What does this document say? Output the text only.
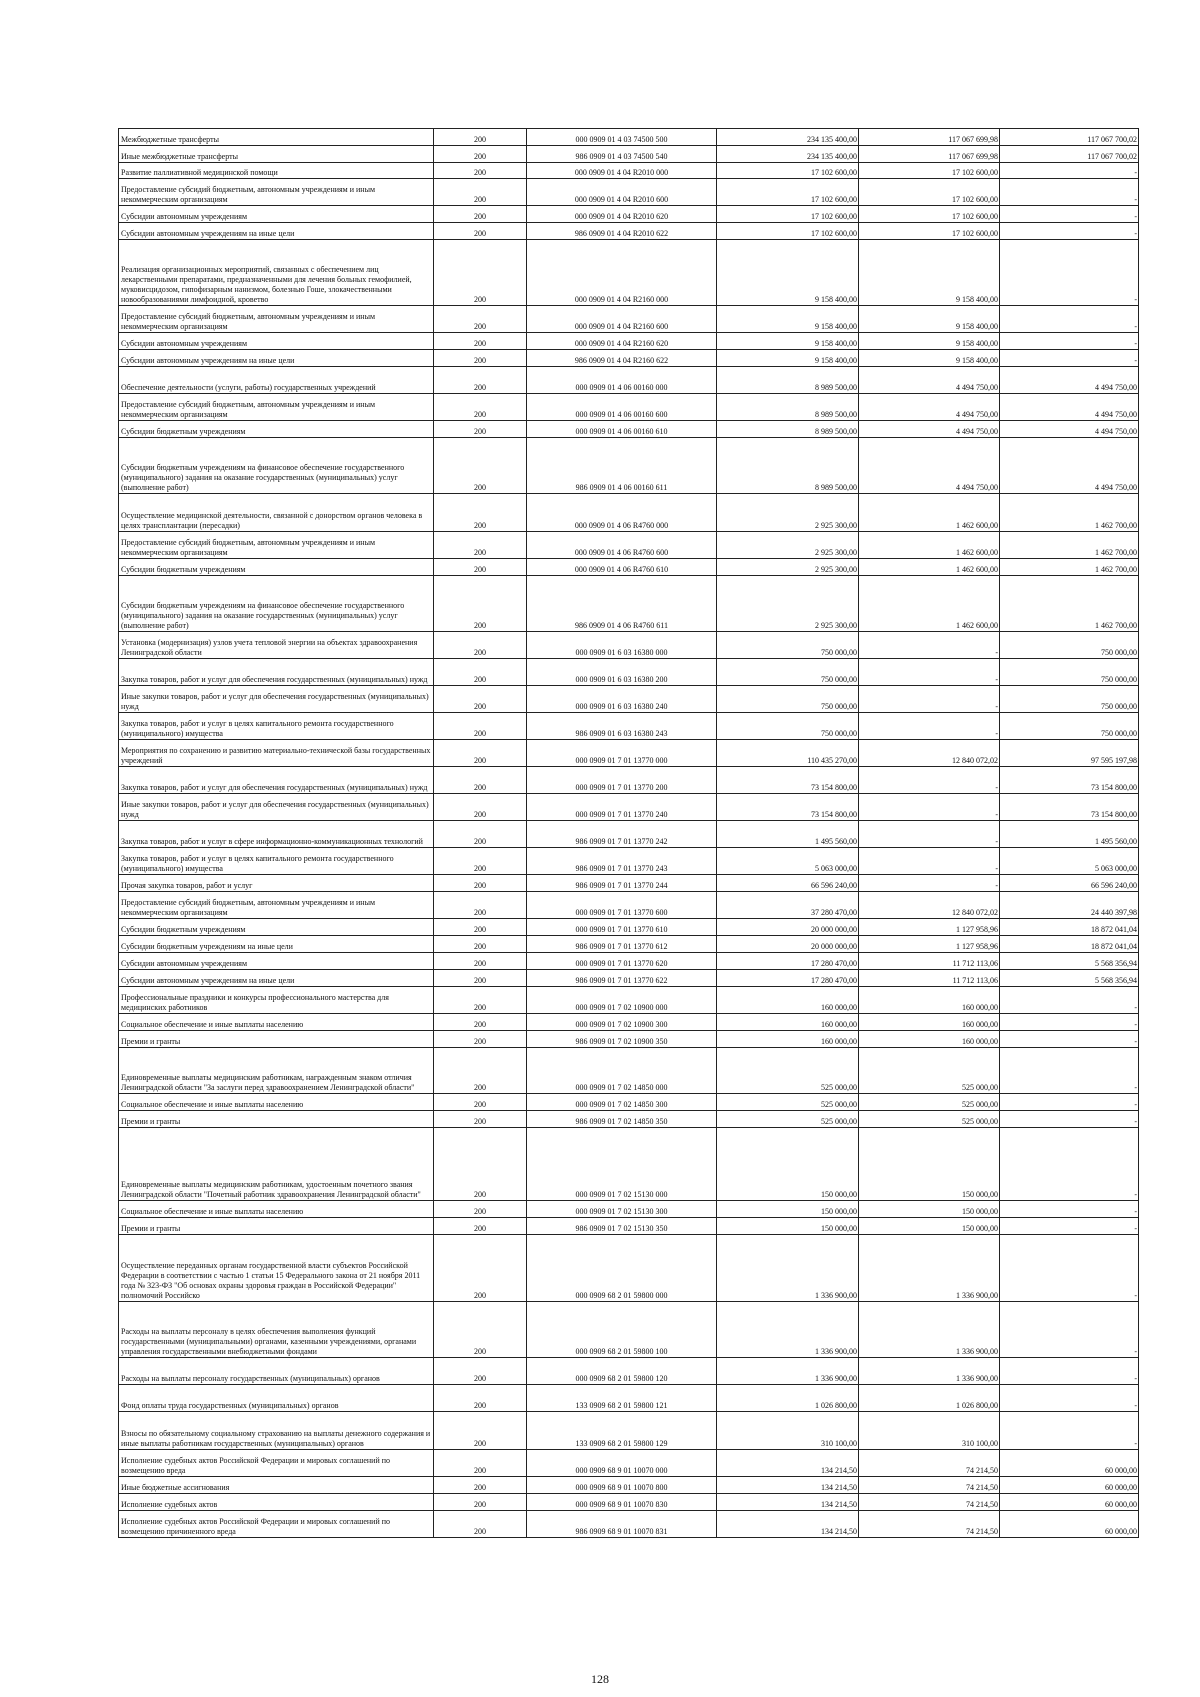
Межбюджетные трансферты	200	000 0909 01 4 03 74500 500	234 135 400,00	117 067 699,98	117 067 700,02
Иные межбюджетные трансферты	200	986 0909 01 4 03 74500 540	234 135 400,00	117 067 699,98	117 067 700,02
Развитие паллиативной медицинской помощи	200	000 0909 01 4 04 R2010 000	17 102 600,00	17 102 600,00	-
Предоставление субсидий бюджетным, автономным учреждениям и иным некоммерческим организациям	200	000 0909 01 4 04 R2010 600	17 102 600,00	17 102 600,00	-
Субсидии автономным учреждениям	200	000 0909 01 4 04 R2010 620	17 102 600,00	17 102 600,00	-
Субсидии автономным учреждениям на иные цели	200	986 0909 01 4 04 R2010 622	17 102 600,00	17 102 600,00	-
Реализация организационных мероприятий, связанных с обеспечением лиц лекарственными препаратами, предназначенными для лечения больных гемофилией, муковисцидозом, гипофизарным нанизмом, болезнью Гоше, злокачественными новообразованиями лимфоидной, кроветво	200	000 0909 01 4 04 R2160 000	9 158 400,00	9 158 400,00	-
Предоставление субсидий бюджетным, автономным учреждениям и иным некоммерческим организациям	200	000 0909 01 4 04 R2160 600	9 158 400,00	9 158 400,00	-
Субсидии автономным учреждениям	200	000 0909 01 4 04 R2160 620	9 158 400,00	9 158 400,00	-
Субсидии автономным учреждениям на иные цели	200	986 0909 01 4 04 R2160 622	9 158 400,00	9 158 400,00	-
Обеспечение деятельности (услуги, работы) государственных учреждений	200	000 0909 01 4 06 00160 000	8 989 500,00	4 494 750,00	4 494 750,00
Предоставление субсидий бюджетным, автономным учреждениям и иным некоммерческим организациям	200	000 0909 01 4 06 00160 600	8 989 500,00	4 494 750,00	4 494 750,00
Субсидии бюджетным учреждениям	200	000 0909 01 4 06 00160 610	8 989 500,00	4 494 750,00	4 494 750,00
Субсидии бюджетным учреждениям на финансовое обеспечение государственного (муниципального) задания на оказание государственных (муниципальных) услуг (выполнение работ)	200	986 0909 01 4 06 00160 611	8 989 500,00	4 494 750,00	4 494 750,00
Осуществление медицинской деятельности, связанной с донорством органов человека в целях трансплантации (пересадки)	200	000 0909 01 4 06 R4760 000	2 925 300,00	1 462 600,00	1 462 700,00
Предоставление субсидий бюджетным, автономным учреждениям и иным некоммерческим организациям	200	000 0909 01 4 06 R4760 600	2 925 300,00	1 462 600,00	1 462 700,00
Субсидии бюджетным учреждениям	200	000 0909 01 4 06 R4760 610	2 925 300,00	1 462 600,00	1 462 700,00
Субсидии бюджетным учреждениям на финансовое обеспечение государственного (муниципального) задания на оказание государственных (муниципальных) услуг (выполнение работ)	200	986 0909 01 4 06 R4760 611	2 925 300,00	1 462 600,00	1 462 700,00
Установка (модернизация) узлов учета тепловой энергии на объектах здравоохранения Ленинградской области	200	000 0909 01 6 03 16380 000	750 000,00	-	750 000,00
Закупка товаров, работ и услуг для обеспечения государственных (муниципальных) нужд	200	000 0909 01 6 03 16380 200	750 000,00	-	750 000,00
Иные закупки товаров, работ и услуг для обеспечения государственных (муниципальных) нужд	200	000 0909 01 6 03 16380 240	750 000,00	-	750 000,00
Закупка товаров, работ и услуг в целях капитального ремонта государственного (муниципального) имущества	200	986 0909 01 6 03 16380 243	750 000,00	-	750 000,00
Мероприятия по сохранению и развитию материально-технической базы государственных учреждений	200	000 0909 01 7 01 13770 000	110 435 270,00	12 840 072,02	97 595 197,98
Закупка товаров, работ и услуг для обеспечения государственных (муниципальных) нужд	200	000 0909 01 7 01 13770 200	73 154 800,00	-	73 154 800,00
Иные закупки товаров, работ и услуг для обеспечения государственных (муниципальных) нужд	200	000 0909 01 7 01 13770 240	73 154 800,00	-	73 154 800,00
Закупка товаров, работ и услуг в сфере информационно-коммуникационных технологий	200	986 0909 01 7 01 13770 242	1 495 560,00	-	1 495 560,00
Закупка товаров, работ и услуг в целях капитального ремонта государственного (муниципального) имущества	200	986 0909 01 7 01 13770 243	5 063 000,00	-	5 063 000,00
Прочая закупка товаров, работ и услуг	200	986 0909 01 7 01 13770 244	66 596 240,00	-	66 596 240,00
Предоставление субсидий бюджетным, автономным учреждениям и иным некоммерческим организациям	200	000 0909 01 7 01 13770 600	37 280 470,00	12 840 072,02	24 440 397,98
Субсидии бюджетным учреждениям	200	000 0909 01 7 01 13770 610	20 000 000,00	1 127 958,96	18 872 041,04
Субсидии бюджетным учреждениям на иные цели	200	986 0909 01 7 01 13770 612	20 000 000,00	1 127 958,96	18 872 041,04
Субсидии автономным учреждениям	200	000 0909 01 7 01 13770 620	17 280 470,00	11 712 113,06	5 568 356,94
Субсидии автономным учреждениям на иные цели	200	986 0909 01 7 01 13770 622	17 280 470,00	11 712 113,06	5 568 356,94
Профессиональные праздники и конкурсы профессионального мастерства для медицинских работников	200	000 0909 01 7 02 10900 000	160 000,00	160 000,00	-
Социальное обеспечение и иные выплаты населению	200	000 0909 01 7 02 10900 300	160 000,00	160 000,00	-
Премии и гранты	200	986 0909 01 7 02 10900 350	160 000,00	160 000,00	-
Единовременные выплаты медицинским работникам, награжденным знаком отличия Ленинградской области "За заслуги перед здравоохранением Ленинградской области"	200	000 0909 01 7 02 14850 000	525 000,00	525 000,00	-
Социальное обеспечение и иные выплаты населению	200	000 0909 01 7 02 14850 300	525 000,00	525 000,00	-
Премии и гранты	200	986 0909 01 7 02 14850 350	525 000,00	525 000,00	-
Единовременные выплаты медицинским работникам, удостоенным почетного звания Ленинградской области "Почетный работник здравоохранения Ленинградской области"	200	000 0909 01 7 02 15130 000	150 000,00	150 000,00	-
Социальное обеспечение и иные выплаты населению	200	000 0909 01 7 02 15130 300	150 000,00	150 000,00	-
Премии и гранты	200	986 0909 01 7 02 15130 350	150 000,00	150 000,00	-
Осуществление переданных органам государственной власти субъектов Российской Федерации в соответствии с частью 1 статьи 15 Федерального закона от 21 ноября 2011 года № 323-ФЗ "Об основах охраны здоровья граждан в Российской Федерации" полномочий Российско	200	000 0909 68 2 01 59800 000	1 336 900,00	1 336 900,00	-
Расходы на выплаты персоналу в целях обеспечения выполнения функций государственными (муниципальными) органами, казенными учреждениями, органами управления государственными внебюджетными фондами	200	000 0909 68 2 01 59800 100	1 336 900,00	1 336 900,00	-
Расходы на выплаты персоналу государственных (муниципальных) органов	200	000 0909 68 2 01 59800 120	1 336 900,00	1 336 900,00	-
Фонд оплаты труда государственных (муниципальных) органов	200	133 0909 68 2 01 59800 121	1 026 800,00	1 026 800,00	-
Взносы по обязательному социальному страхованию на выплаты денежного содержания и иные выплаты работникам государственных (муниципальных) органов	200	133 0909 68 2 01 59800 129	310 100,00	310 100,00	-
Исполнение судебных актов Российской Федерации и мировых соглашений по возмещению вреда	200	000 0909 68 9 01 10070 000	134 214,50	74 214,50	60 000,00
Иные бюджетные ассигнования	200	000 0909 68 9 01 10070 800	134 214,50	74 214,50	60 000,00
Исполнение судебных актов	200	000 0909 68 9 01 10070 830	134 214,50	74 214,50	60 000,00
Исполнение судебных актов Российской Федерации и мировых соглашений по возмещению причиненного вреда	200	986 0909 68 9 01 10070 831	134 214,50	74 214,50	60 000,00
128
